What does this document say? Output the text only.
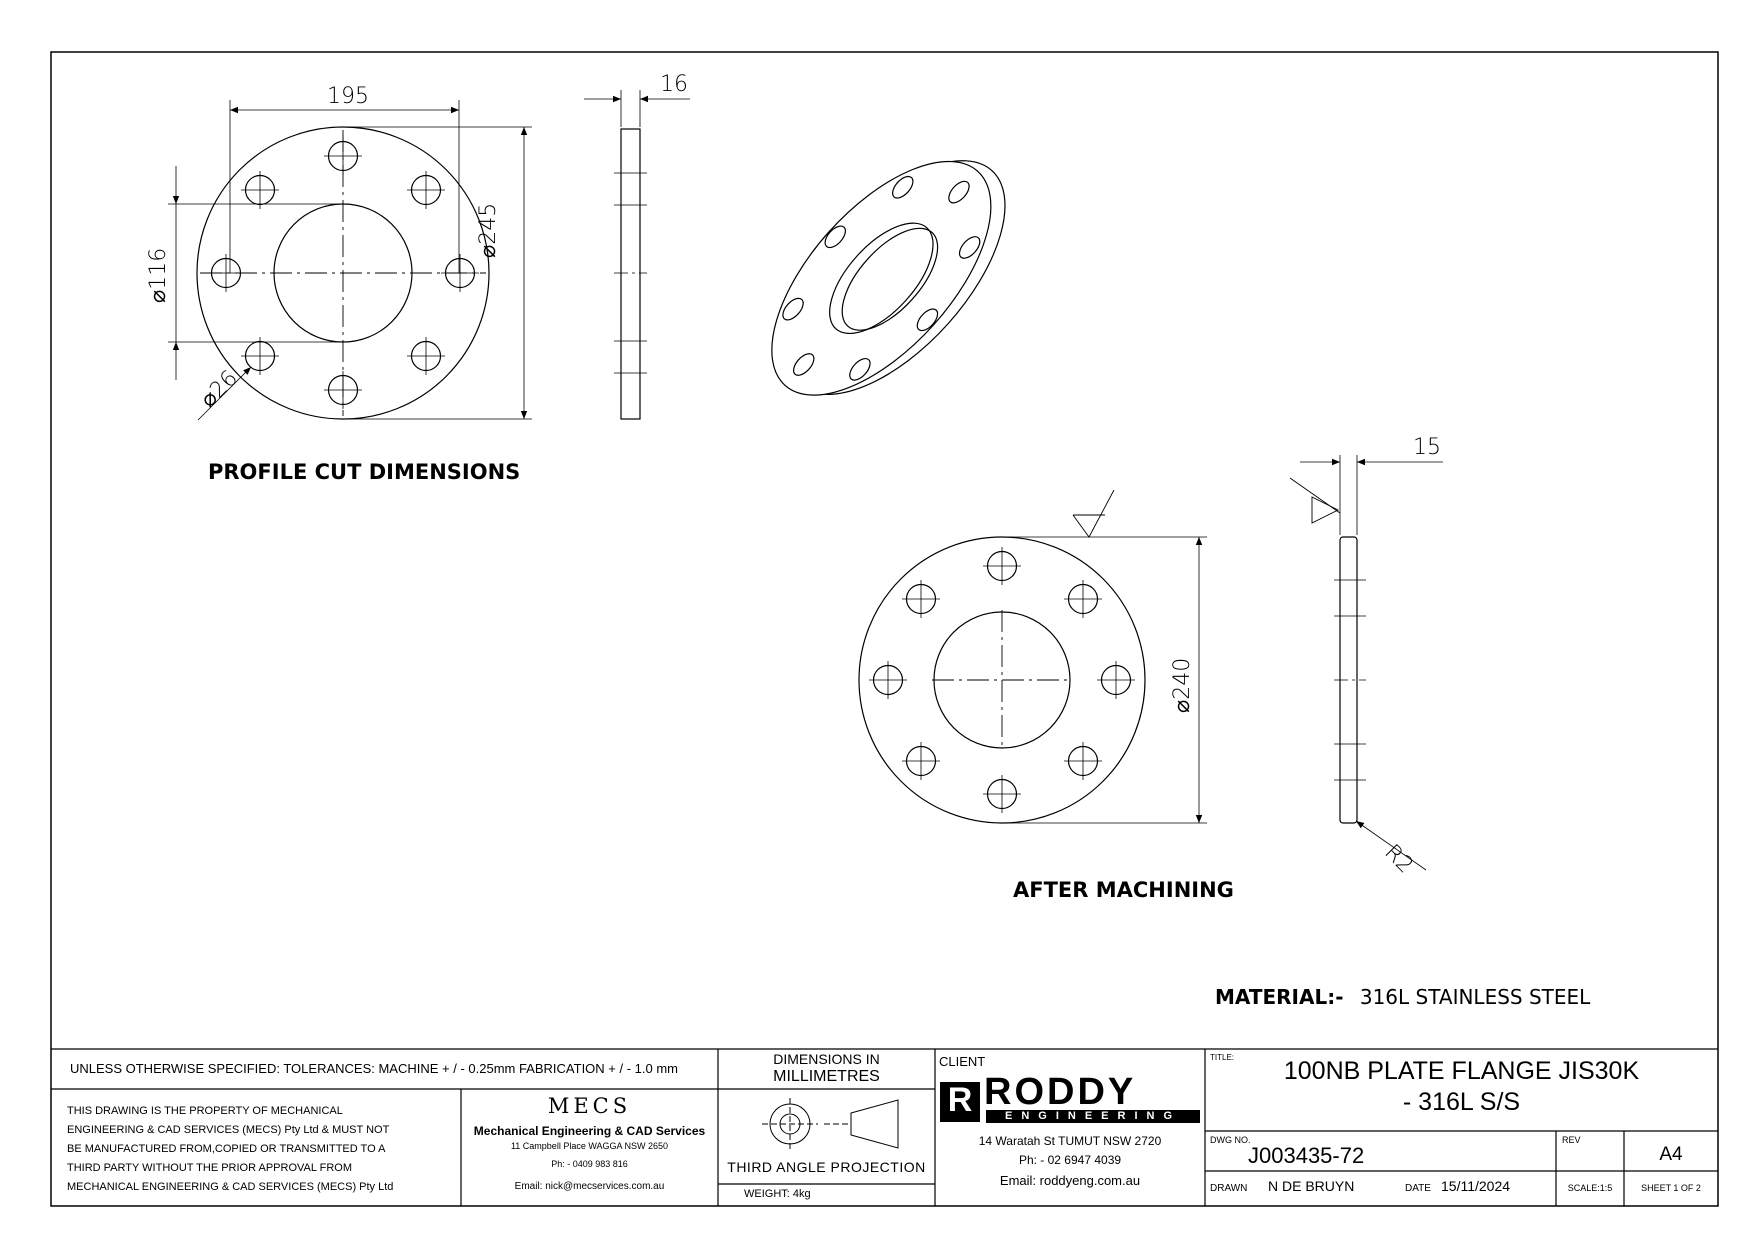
195
⌀245
⌀116
⌀26
16
⌀240
15
R2
PROFILE CUT DIMENSIONS
AFTER MACHINING
MATERIAL:- 316L STAINLESS STEEL
UNLESS OTHERWISE SPECIFIED: TOLERANCES: MACHINE + / - 0.25mm FABRICATION + / - 1.0 mm
DIMENSIONS IN
MILLIMETRES
THIS DRAWING IS THE PROPERTY OF MECHANICAL
ENGINEERING & CAD SERVICES (MECS) Pty Ltd & MUST NOT
BE MANUFACTURED FROM,COPIED OR TRANSMITTED TO A
THIRD PARTY WITHOUT THE PRIOR APPROVAL FROM
MECHANICAL ENGINEERING & CAD SERVICES (MECS) Pty Ltd
MECS
Mechanical Engineering & CAD Services
11 Campbell Place WAGGA NSW 2650
Ph: - 0409 983 816
Email: nick@mecservices.com.au
THIRD ANGLE PROJECTION
WEIGHT: 4kg
CLIENT
R RODDY
ENGINEERING
14 Waratah St TUMUT NSW 2720
Ph: - 02 6947 4039
Email: roddyeng.com.au
TITLE:	100NB PLATE FLANGE JIS30K
- 316L S/S
DWG NO.
J003435-72
REV
A4
DRAWN N DE BRUYN	DATE 15/11/2024	SCALE:1:5	SHEET 1 OF 2
